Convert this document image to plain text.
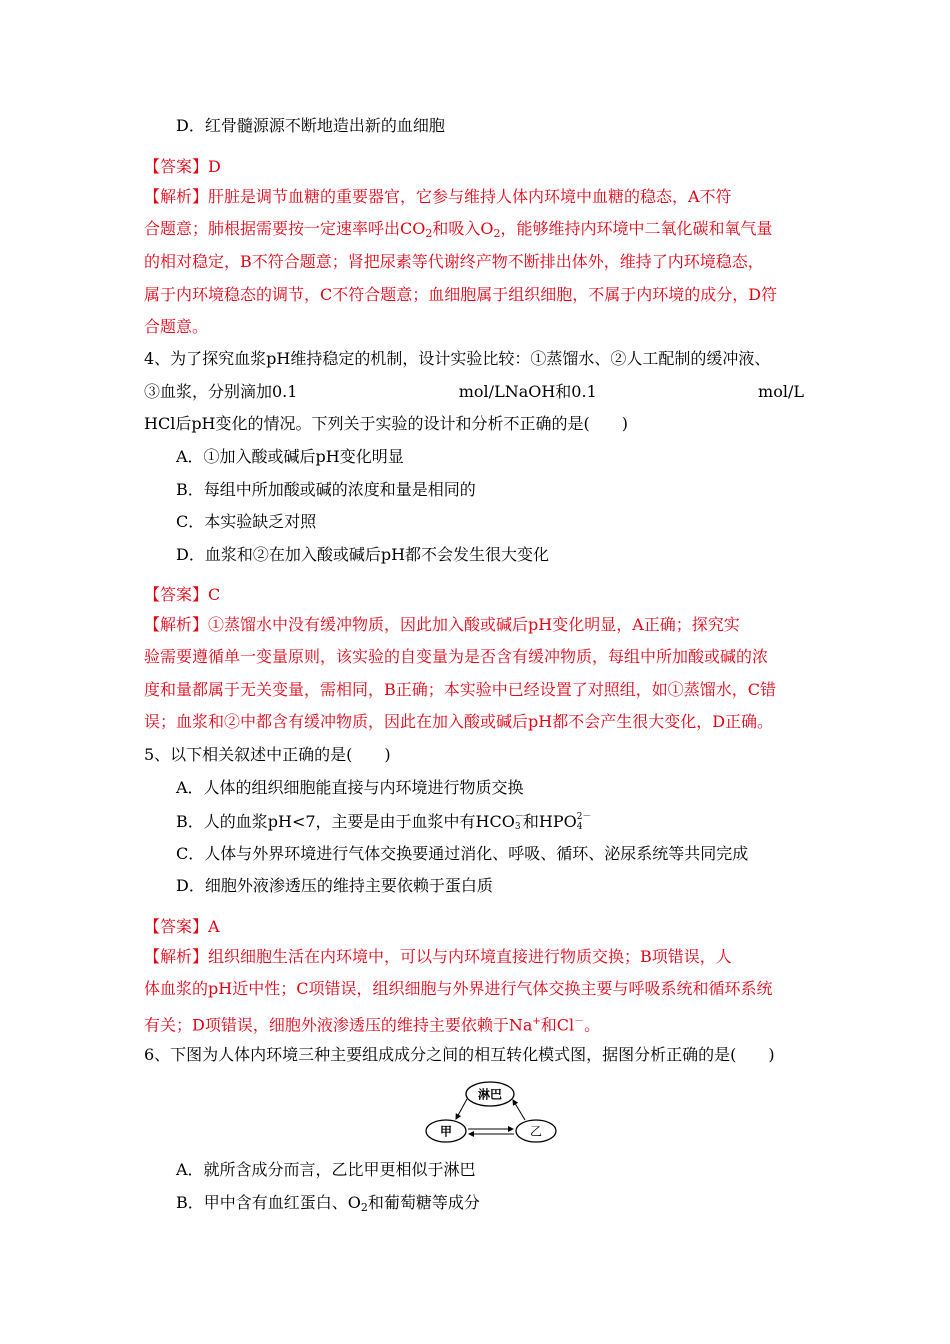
D．红骨髓源源不断地造出新的血细胞
【答案】D
【解析】肝脏是调节血糖的重要器官，它参与维持人体内环境中血糖的稳态，A不符
合题意；肺根据需要按一定速率呼出$CO_2$和吸入$O_2$，能够维持内环境中二氧化碳和氧气量
的相对稳定，B不符合题意；肾把尿素等代谢终产物不断排出体外，维持了内环境稳态，
属于内环境稳态的调节，C不符合题意；血细胞属于组织细胞，不属于内环境的成分，D符
合题意。
4、为了探究血浆pH维持稳定的机制，设计实验比较：①蒸馏水、②人工配制的缓冲液、
③血浆，分别滴加0.1	mol/LNaOH和0.1	mol/L
HCl后pH变化的情况。下列关于实验的设计和分析不正确的是(　　)
A．①加入酸或碱后pH变化明显
B．每组中所加酸或碱的浓度和量是相同的
C．本实验缺乏对照
D．血浆和②在加入酸或碱后pH都不会发生很大变化
【答案】C
【解析】①蒸馏水中没有缓冲物质，因此加入酸或碱后pH变化明显，A正确；探究实
验需要遵循单一变量原则，该实验的自变量为是否含有缓冲物质，每组中所加酸或碱的浓
度和量都属于无关变量，需相同，B正确；本实验中已经设置了对照组，如①蒸馏水，C错
误；血浆和②中都含有缓冲物质，因此在加入酸或碱后pH都不会产生很大变化，D正确。
5、以下相关叙述中正确的是(　　)
A．人体的组织细胞能直接与内环境进行物质交换
B．人的血浆pH<7，主要是由于血浆中有HCO －
3 和HPO 2－
4
C．人体与外界环境进行气体交换要通过消化、呼吸、循环、泌尿系统等共同完成
D．细胞外液渗透压的维持主要依赖于蛋白质
【答案】A
【解析】组织细胞生活在内环境中，可以与内环境直接进行物质交换；B项错误，人
体血浆的pH近中性；C项错误，组织细胞与外界进行气体交换主要与呼吸系统和循环系统
有关；D项错误，细胞外液渗透压的维持主要依赖于Na+和Cl－。
6、下图为人体内环境三种主要组成成分之间的相互转化模式图，据图分析正确的是(　　)
淋巴
甲	乙
A．就所含成分而言，乙比甲更相似于淋巴
B．甲中含有血红蛋白、$O_2$和葡萄糖等成分
